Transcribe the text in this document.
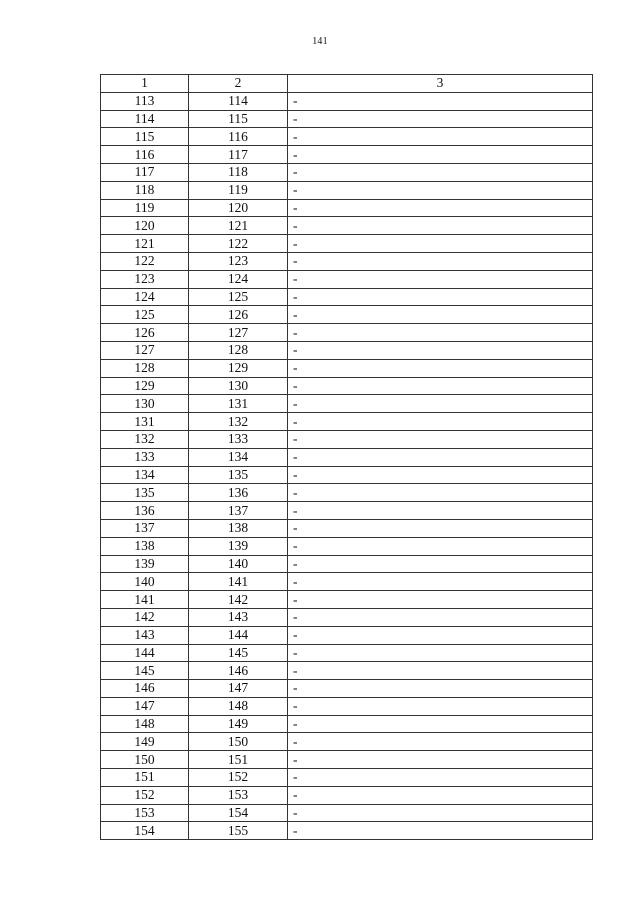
141
1	2	3
113	114	-
114	115	-
115	116	-
116	117	-
117	118	-
118	119	-
119	120	-
120	121	-
121	122	-
122	123	-
123	124	-
124	125	-
125	126	-
126	127	-
127	128	-
128	129	-
129	130	-
130	131	-
131	132	-
132	133	-
133	134	-
134	135	-
135	136	-
136	137	-
137	138	-
138	139	-
139	140	-
140	141	-
141	142	-
142	143	-
143	144	-
144	145	-
145	146	-
146	147	-
147	148	-
148	149	-
149	150	-
150	151	-
151	152	-
152	153	-
153	154	-
154	155	-
